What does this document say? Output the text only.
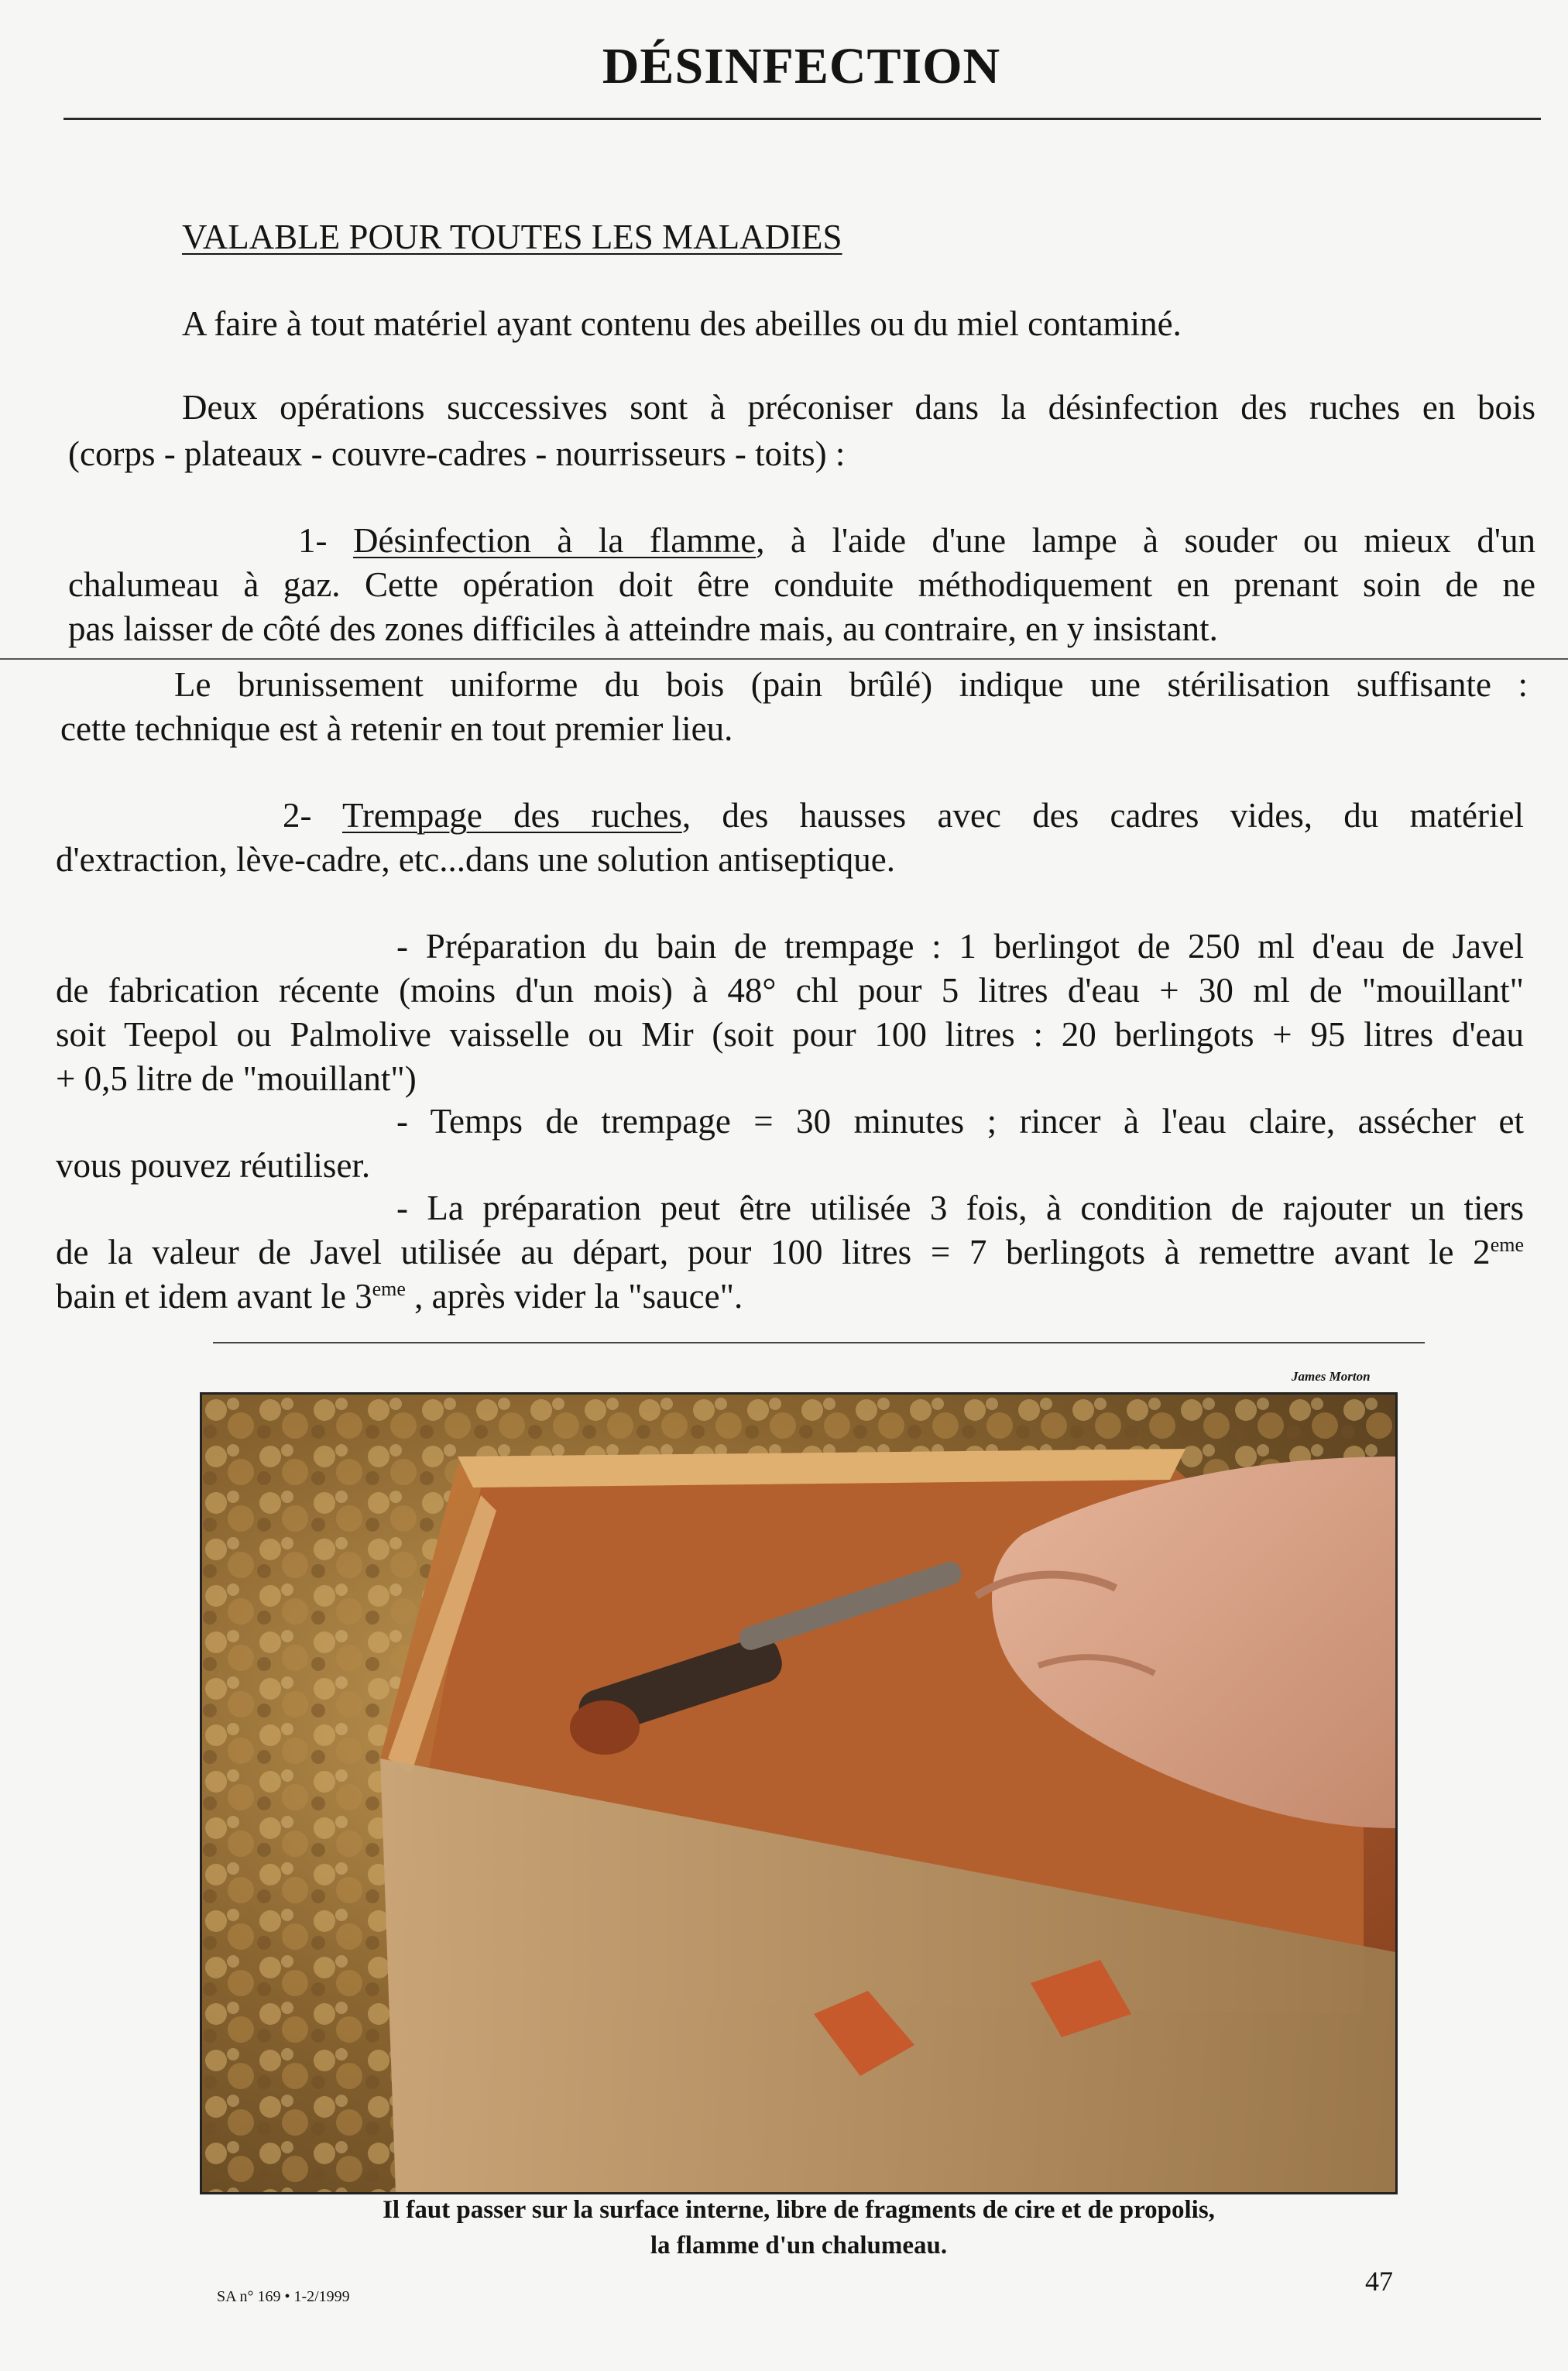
DÉSINFECTION
VALABLE POUR TOUTES LES MALADIES
A faire à tout matériel ayant contenu des abeilles ou du miel contaminé.
Deux opérations successives sont à préconiser dans la désinfection des ruches en bois
(corps - plateaux - couvre-cadres - nourrisseurs - toits) :
1- Désinfection à la flamme, à l'aide d'une lampe à souder ou mieux d'un
chalumeau à gaz. Cette opération doit être conduite méthodiquement en prenant soin de ne
pas laisser de côté des zones difficiles à atteindre mais, au contraire, en y insistant.
Le brunissement uniforme du bois (pain brûlé) indique une stérilisation suffisante :
cette technique est à retenir en tout premier lieu.
2- Trempage des ruches, des hausses avec des cadres vides, du matériel
d'extraction, lève-cadre, etc...dans une solution antiseptique.
- Préparation du bain de trempage : 1 berlingot de 250 ml d'eau de Javel
de fabrication récente (moins d'un mois) à 48° chl pour 5 litres d'eau + 30 ml de "mouillant"
soit Teepol ou Palmolive vaisselle ou Mir (soit pour 100 litres : 20 berlingots + 95 litres d'eau
+ 0,5 litre de "mouillant")
- Temps de trempage = 30 minutes ; rincer à l'eau claire, assécher et
vous pouvez réutiliser.
- La préparation peut être utilisée 3 fois, à condition de rajouter un tiers
de la valeur de Javel utilisée au départ, pour 100 litres = 7 berlingots à remettre avant le 2eme
bain et idem avant le 3eme , après vider la "sauce".
James Morton
Il faut passer sur la surface interne, libre de fragments de cire et de propolis,
la flamme d'un chalumeau.
SA n° 169 • 1-2/1999	47
